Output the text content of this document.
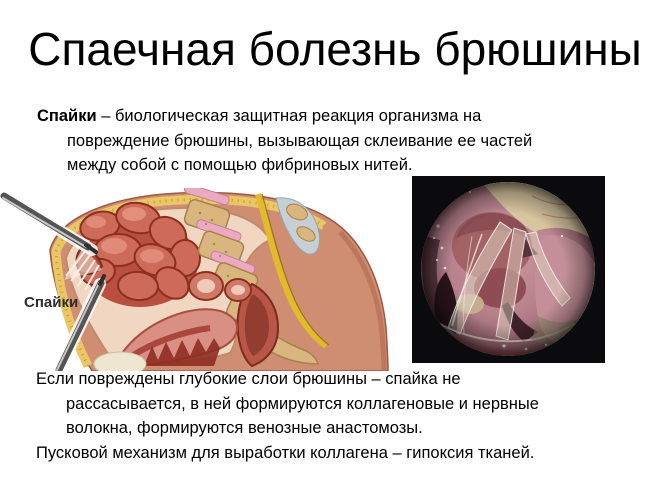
Спаечная болезнь брюшины
Спайки – биологическая защитная реакция организма на
повреждение брюшины, вызывающая склеивание ее частей
между собой с помощью фибриновых нитей.
Спайки
Если повреждены глубокие слои брюшины – спайка не
рассасывается, в ней формируются коллагеновые и нервные
волокна, формируются венозные анастомозы.
Пусковой механизм для выработки коллагена – гипоксия тканей.
